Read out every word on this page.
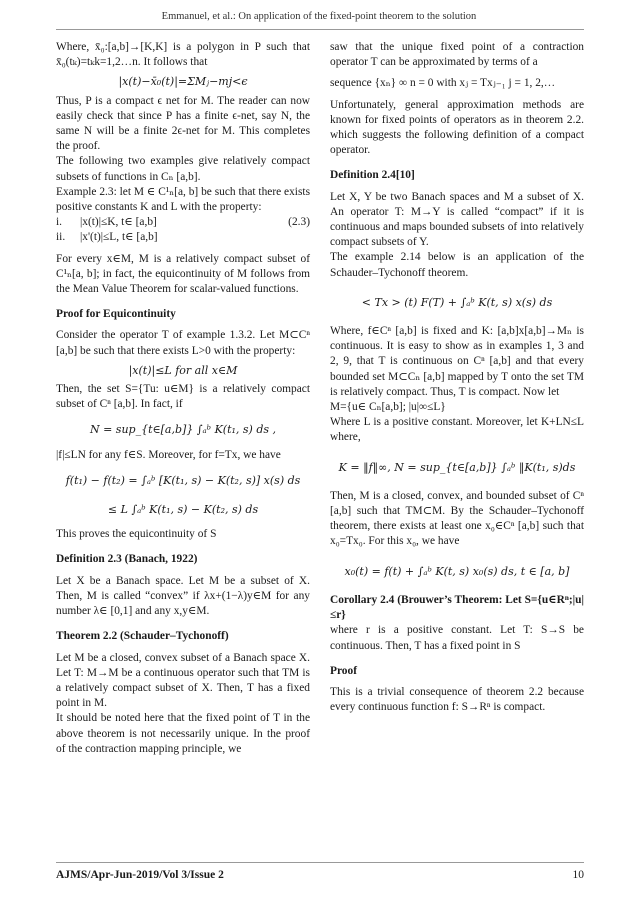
Emmanuel, et al.: On application of the fixed-point theorem to the solution

Where, x̄₀:[a,b]→[K,K] is a polygon in P such that x̄₀(tₖ)=tₖk=1,2…n. It follows that

|x(t)−x̄₀(t)|=ΣMⱼ−mj<ϵ

Thus, P is a compact ϵ net for M. The reader can now easily check that since P has a finite ϵ-net, say N, the same N will be a finite 2ϵ-net for M. This completes the proof.

The following two examples give relatively compact subsets of functions in Cₙ [a,b].

Example 2.3: let M ∈ C¹ₙ[a, b] be such that there exists positive constants K and L with the property:

i.	|x(t)|≤K, t∈ [a,b]	(2.3)
ii.	|x'(t)|≤L, t∈ [a,b]

For every x∈M, M is a relatively compact subset of C¹ₙ[a, b]; in fact, the equicontinuity of M follows from the Mean Value Theorem for scalar-valued functions.

Proof for Equicontinuity

Consider the operator T of example 1.3.2. Let M⊂Cⁿ [a,b] be such that there exists L>0 with the property:

|x(t)|≤L for all x∈M

Then, the set S={Tu: u∈M} is a relatively compact subset of Cⁿ [a,b]. In fact, if

N = sup_{t∈[a,b]} ∫ₐᵇ K(t₁, s) ds ,

|f|≤LN for any f∈S. Moreover, for f=Tx, we have

f(t₁) − f(t₂) = ∫ₐᵇ [K(t₁, s) − K(t₂, s)] x(s) ds
≤ L ∫ₐᵇ K(t₁, s) − K(t₂, s) ds

This proves the equicontinuity of S

Definition 2.3 (Banach, 1922)

Let X be a Banach space. Let M be a subset of X. Then, M is called “convex” if λx+(1−λ)y∈M for any number λ∈ [0,1] and any x,y∈M.

Theorem 2.2 (Schauder–Tychonoff)

Let M be a closed, convex subset of a Banach space X. Let T: M→M be a continuous operator such that TM is a relatively compact subset of X. Then, T has a fixed point in M.

It should be noted here that the fixed point of T in the above theorem is not necessarily unique. In the proof of the contraction mapping principle, we

saw that the unique fixed point of a contraction operator T can be approximated by terms of a

sequence {xₙ} ∞ n = 0 with xⱼ = Txⱼ₋₁ j = 1, 2,…

Unfortunately, general approximation methods are known for fixed points of operators as in theorem 2.2. which suggests the following definition of a compact operator.

Definition 2.4[10]

Let X, Y be two Banach spaces and M a subset of X. An operator T: M→Y is called “compact” if it is continuous and maps bounded subsets of into relatively compact subsets of Y.

The example 2.14 below is an application of the Schauder–Tychonoff theorem.

< Tx > (t) F(T) + ∫ₐᵇ K(t, s) x(s) ds

Where, f∈Cⁿ [a,b] is fixed and K: [a,b]x[a,b]→Mₙ is continuous. It is easy to show as in examples 1, 3 and 2, 9, that T is continuous on Cⁿ [a,b] and that every bounded set M⊂Cₙ [a,b] mapped by T onto the set TM is relatively compact. Thus, T is compact. Now let

M={u∈ Cₙ[a,b]; |u|∞≤L}

Where L is a positive constant. Moreover, let K+LN≤L where,

K = ‖f‖∞, N = sup_{t∈[a,b]} ∫ₐᵇ ‖K(t₁, s)ds

Then, M is a closed, convex, and bounded subset of Cⁿ [a,b] such that TM⊂M. By the Schauder–Tychonoff theorem, there exists at least one x₀∈Cⁿ [a,b] such that x₀=Tx₀. For this x₀, we have

x₀(t) = f(t) + ∫ₐᵇ K(t, s) x₀(s) ds, t ∈ [a, b]

Corollary 2.4 (Brouwer’s Theorem: Let S={u∈Rⁿ;|u|≤r}

where r is a positive constant. Let T: S→S be continuous. Then, T has a fixed point in S

Proof

This is a trivial consequence of theorem 2.2 because every continuous function f: S→Rⁿ is compact.

AJMS/Apr-Jun-2019/Vol 3/Issue 2	10
